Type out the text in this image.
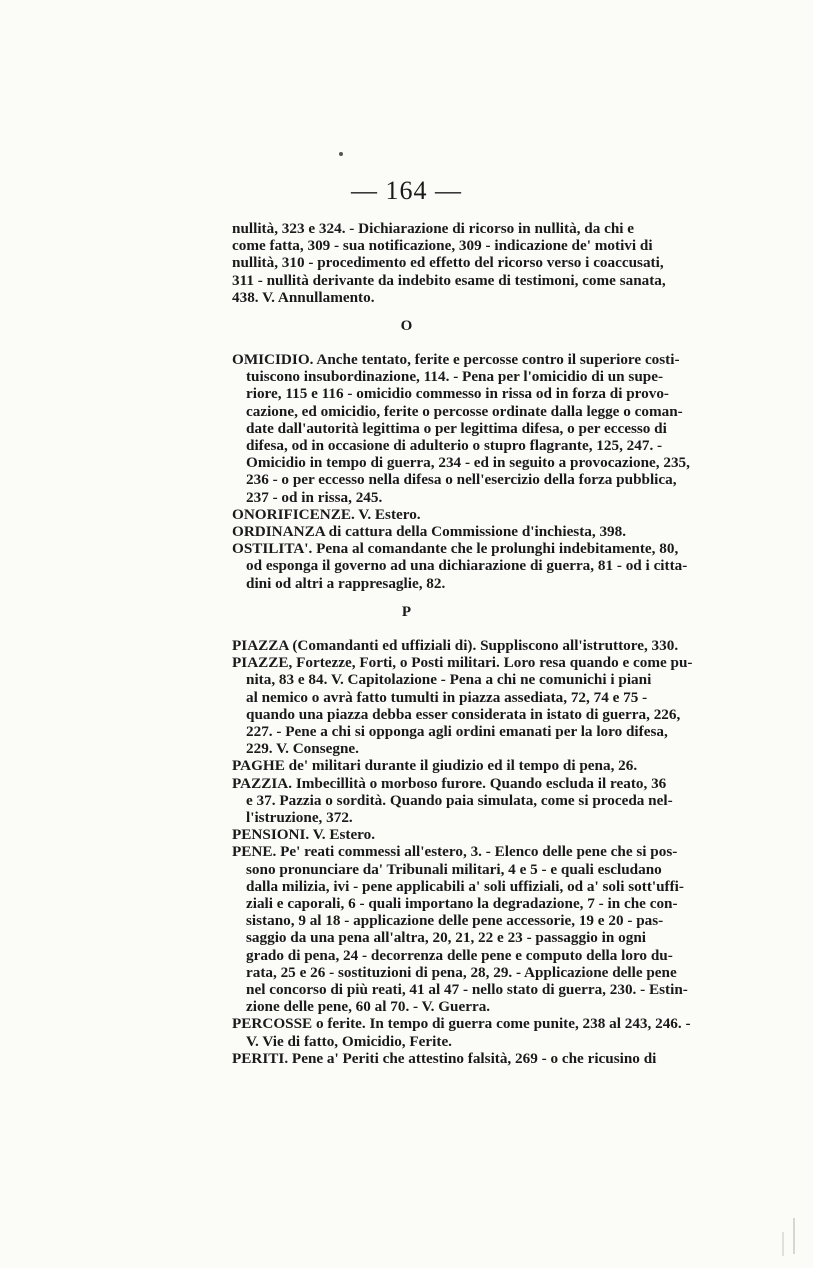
— 164 —
nullità, 323 e 324. - Dichiarazione di ricorso in nullità, da chi e
come fatta, 309 - sua notificazione, 309 - indicazione de' motivi di
nullità, 310 - procedimento ed effetto del ricorso verso i coaccusati,
311 - nullità derivante da indebito esame di testimoni, come sanata,
438. V. Annullamento.
O
OMICIDIO. Anche tentato, ferite e percosse contro il superiore costi-
tuiscono insubordinazione, 114. - Pena per l'omicidio di un supe-
riore, 115 e 116 - omicidio commesso in rissa od in forza di provo-
cazione, ed omicidio, ferite o percosse ordinate dalla legge o coman-
date dall'autorità legittima o per legittima difesa, o per eccesso di
difesa, od in occasione di adulterio o stupro flagrante, 125, 247. -
Omicidio in tempo di guerra, 234 - ed in seguito a provocazione, 235,
236 - o per eccesso nella difesa o nell'esercizio della forza pubblica,
237 - od in rissa, 245.
ONORIFICENZE. V. Estero.
ORDINANZA di cattura della Commissione d'inchiesta, 398.
OSTILITA'. Pena al comandante che le prolunghi indebitamente, 80,
od esponga il governo ad una dichiarazione di guerra, 81 - od i citta-
dini od altri a rappresaglie, 82.
P
PIAZZA (Comandanti ed uffiziali di). Suppliscono all'istruttore, 330.
PIAZZE, Fortezze, Forti, o Posti militari. Loro resa quando e come pu-
nita, 83 e 84. V. Capitolazione - Pena a chi ne comunichi i piani
al nemico o avrà fatto tumulti in piazza assediata, 72, 74 e 75 -
quando una piazza debba esser considerata in istato di guerra, 226,
227. - Pene a chi si opponga agli ordini emanati per la loro difesa,
229. V. Consegne.
PAGHE de' militari durante il giudizio ed il tempo di pena, 26.
PAZZIA. Imbecillità o morboso furore. Quando escluda il reato, 36
e 37. Pazzia o sordità. Quando paia simulata, come si proceda nel-
l'istruzione, 372.
PENSIONI. V. Estero.
PENE. Pe' reati commessi all'estero, 3. - Elenco delle pene che si pos-
sono pronunciare da' Tribunali militari, 4 e 5 - e quali escludano
dalla milizia, ivi - pene applicabili a' soli uffiziali, od a' soli sott'uffi-
ziali e caporali, 6 - quali importano la degradazione, 7 - in che con-
sistano, 9 al 18 - applicazione delle pene accessorie, 19 e 20 - pas-
saggio da una pena all'altra, 20, 21, 22 e 23 - passaggio in ogni
grado di pena, 24 - decorrenza delle pene e computo della loro du-
rata, 25 e 26 - sostituzioni di pena, 28, 29. - Applicazione delle pene
nel concorso di più reati, 41 al 47 - nello stato di guerra, 230. - Estin-
zione delle pene, 60 al 70. - V. Guerra.
PERCOSSE o ferite. In tempo di guerra come punite, 238 al 243, 246. -
V. Vie di fatto, Omicidio, Ferite.
PERITI. Pene a' Periti che attestino falsità, 269 - o che ricusino di
